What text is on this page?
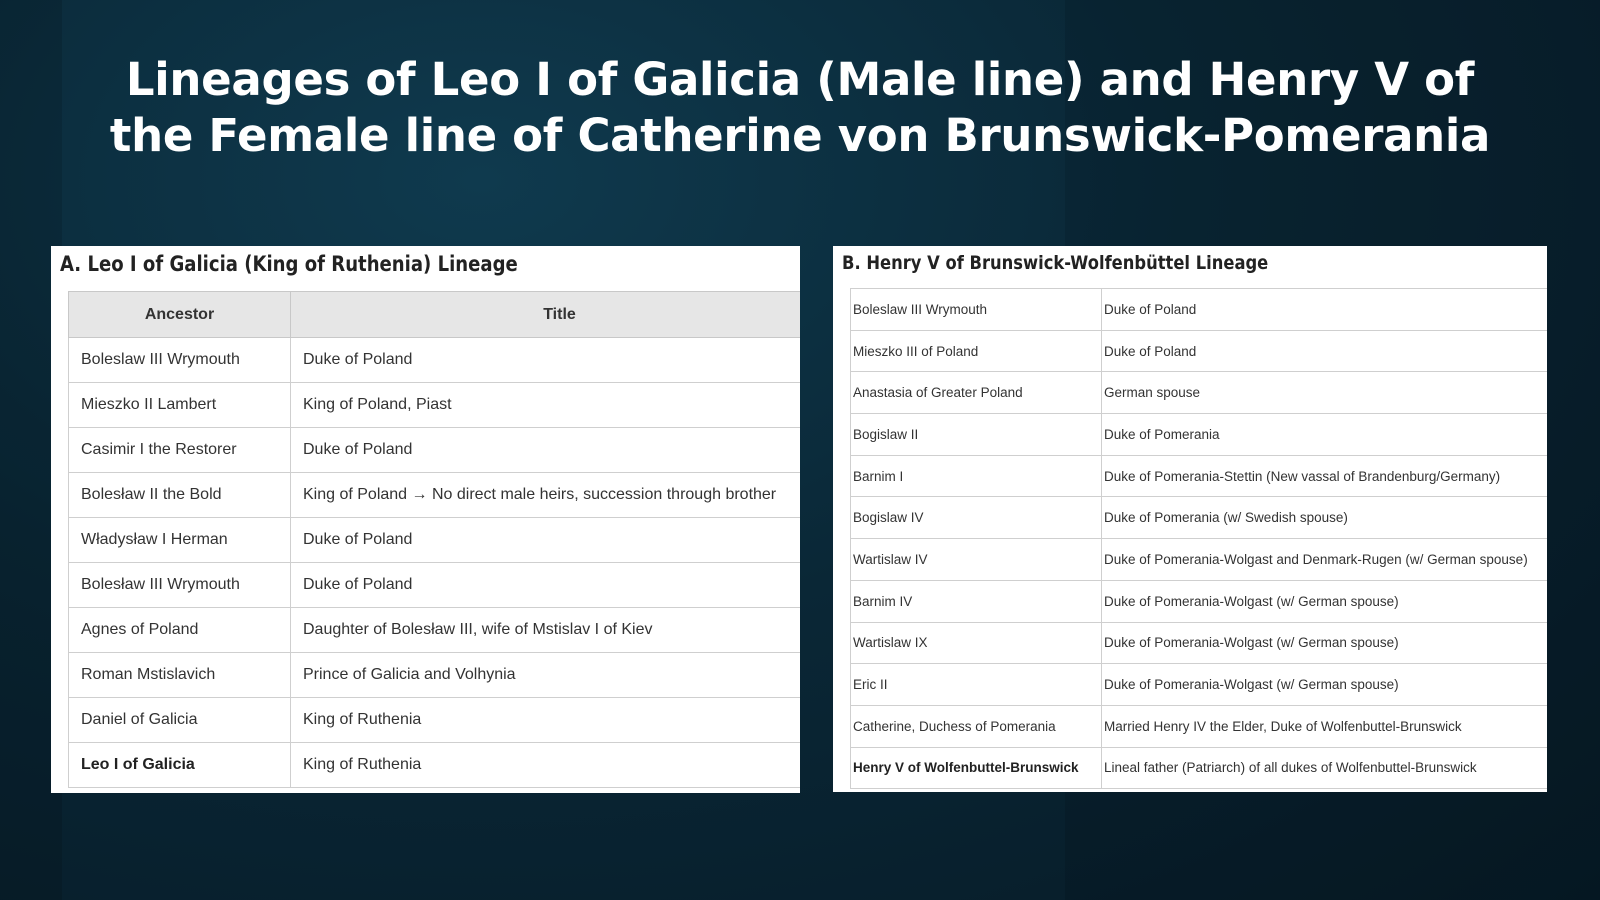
Lineages of Leo I of Galicia (Male line) and Henry V of the Female line of Catherine von Brunswick-Pomerania
A. Leo I of Galicia (King of Ruthenia) Lineage
Ancestor	Title
Boleslaw III Wrymouth	Duke of Poland
Mieszko II Lambert	King of Poland, Piast
Casimir I the Restorer	Duke of Poland
Bolesław II the Bold	King of Poland → No direct male heirs, succession through brother
Władysław I Herman	Duke of Poland
Bolesław III Wrymouth	Duke of Poland
Agnes of Poland	Daughter of Bolesław III, wife of Mstislav I of Kiev
Roman Mstislavich	Prince of Galicia and Volhynia
Daniel of Galicia	King of Ruthenia
Leo I of Galicia	King of Ruthenia
B. Henry V of Brunswick-Wolfenbüttel Lineage
Boleslaw III Wrymouth	Duke of Poland
Mieszko III of Poland	Duke of Poland
Anastasia of Greater Poland	German spouse
Bogislaw II	Duke of Pomerania
Barnim I	Duke of Pomerania-Stettin (New vassal of Brandenburg/Germany)
Bogislaw IV	Duke of Pomerania (w/ Swedish spouse)
Wartislaw IV	Duke of Pomerania-Wolgast and Denmark-Rugen (w/ German spouse)
Barnim IV	Duke of Pomerania-Wolgast (w/ German spouse)
Wartislaw IX	Duke of Pomerania-Wolgast (w/ German spouse)
Eric II	Duke of Pomerania-Wolgast (w/ German spouse)
Catherine, Duchess of Pomerania	Married Henry IV the Elder, Duke of Wolfenbuttel-Brunswick
Henry V of Wolfenbuttel-Brunswick	Lineal father (Patriarch) of all dukes of Wolfenbuttel-Brunswick
